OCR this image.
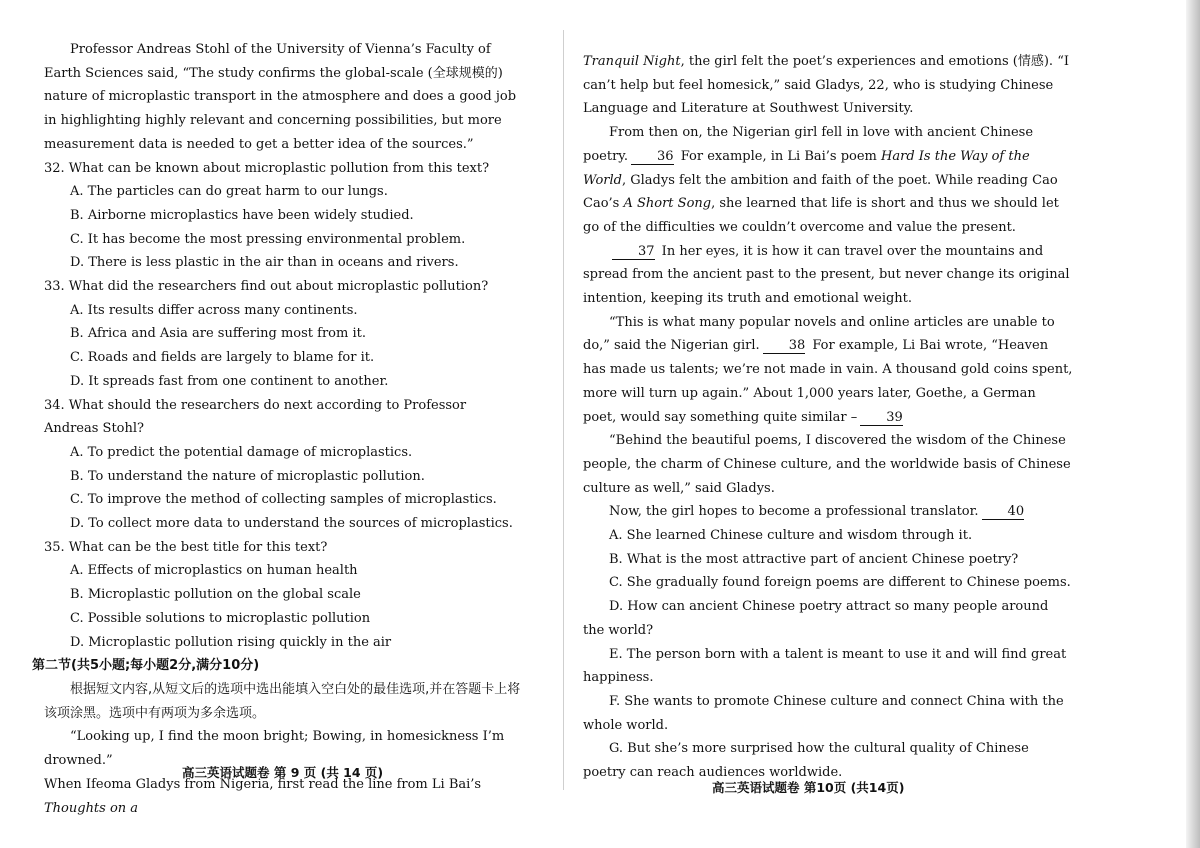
Professor Andreas Stohl of the University of Vienna’s Faculty of Earth Sciences said, “The study confirms the global-scale (全球规模的) nature of microplastic transport in the atmosphere and does a good job in highlighting highly relevant and concerning possibilities, but more measurement data is needed to get a better idea of the sources.”

32. What can be known about microplastic pollution from this text?

A. The particles can do great harm to our lungs.

B. Airborne microplastics have been widely studied.

C. It has become the most pressing environmental problem.

D. There is less plastic in the air than in oceans and rivers.

33. What did the researchers find out about microplastic pollution?

A. Its results differ across many continents.

B. Africa and Asia are suffering most from it.

C. Roads and fields are largely to blame for it.

D. It spreads fast from one continent to another.

34. What should the researchers do next according to Professor Andreas Stohl?

A. To predict the potential damage of microplastics.

B. To understand the nature of microplastic pollution.

C. To improve the method of collecting samples of microplastics.

D. To collect more data to understand the sources of microplastics.

35. What can be the best title for this text?

A. Effects of microplastics on human health

B. Microplastic pollution on the global scale

C. Possible solutions to microplastic pollution

D. Microplastic pollution rising quickly in the air

第二节(共5小题;每小题2分,满分10分)

根据短文内容,从短文后的选项中选出能填入空白处的最佳选项,并在答题卡上将该项涂黑。选项中有两项为多余选项。

“Looking up, I find the moon bright; Bowing, in homesickness I’m drowned.”

When Ifeoma Gladys from Nigeria, first read the line from Li Bai’s Thoughts on a

高三英语试题卷 第 9 页 (共 14 页)

Tranquil Night, the girl felt the poet’s experiences and emotions (情感). “I can’t help but feel homesick,” said Gladys, 22, who is studying Chinese Language and Literature at Southwest University.

From then on, the Nigerian girl fell in love with ancient Chinese poetry. 36 For example, in Li Bai’s poem Hard Is the Way of the World, Gladys felt the ambition and faith of the poet. While reading Cao Cao’s A Short Song, she learned that life is short and thus we should let go of the difficulties we couldn’t overcome and value the present.

37 In her eyes, it is how it can travel over the mountains and spread from the ancient past to the present, but never change its original intention, keeping its truth and emotional weight.

“This is what many popular novels and online articles are unable to do,” said the Nigerian girl. 38 For example, Li Bai wrote, “Heaven has made us talents; we’re not made in vain. A thousand gold coins spent, more will turn up again.” About 1,000 years later, Goethe, a German poet, would say something quite similar – 39

“Behind the beautiful poems, I discovered the wisdom of the Chinese people, the charm of Chinese culture, and the worldwide basis of Chinese culture as well,” said Gladys.

Now, the girl hopes to become a professional translator. 40

A. She learned Chinese culture and wisdom through it.

B. What is the most attractive part of ancient Chinese poetry?

C. She gradually found foreign poems are different to Chinese poems.

D. How can ancient Chinese poetry attract so many people around the world?

E. The person born with a talent is meant to use it and will find great happiness.

F. She wants to promote Chinese culture and connect China with the whole world.

G. But she’s more surprised how the cultural quality of Chinese poetry can reach audiences worldwide.

高三英语试题卷 第10页 (共14页)
